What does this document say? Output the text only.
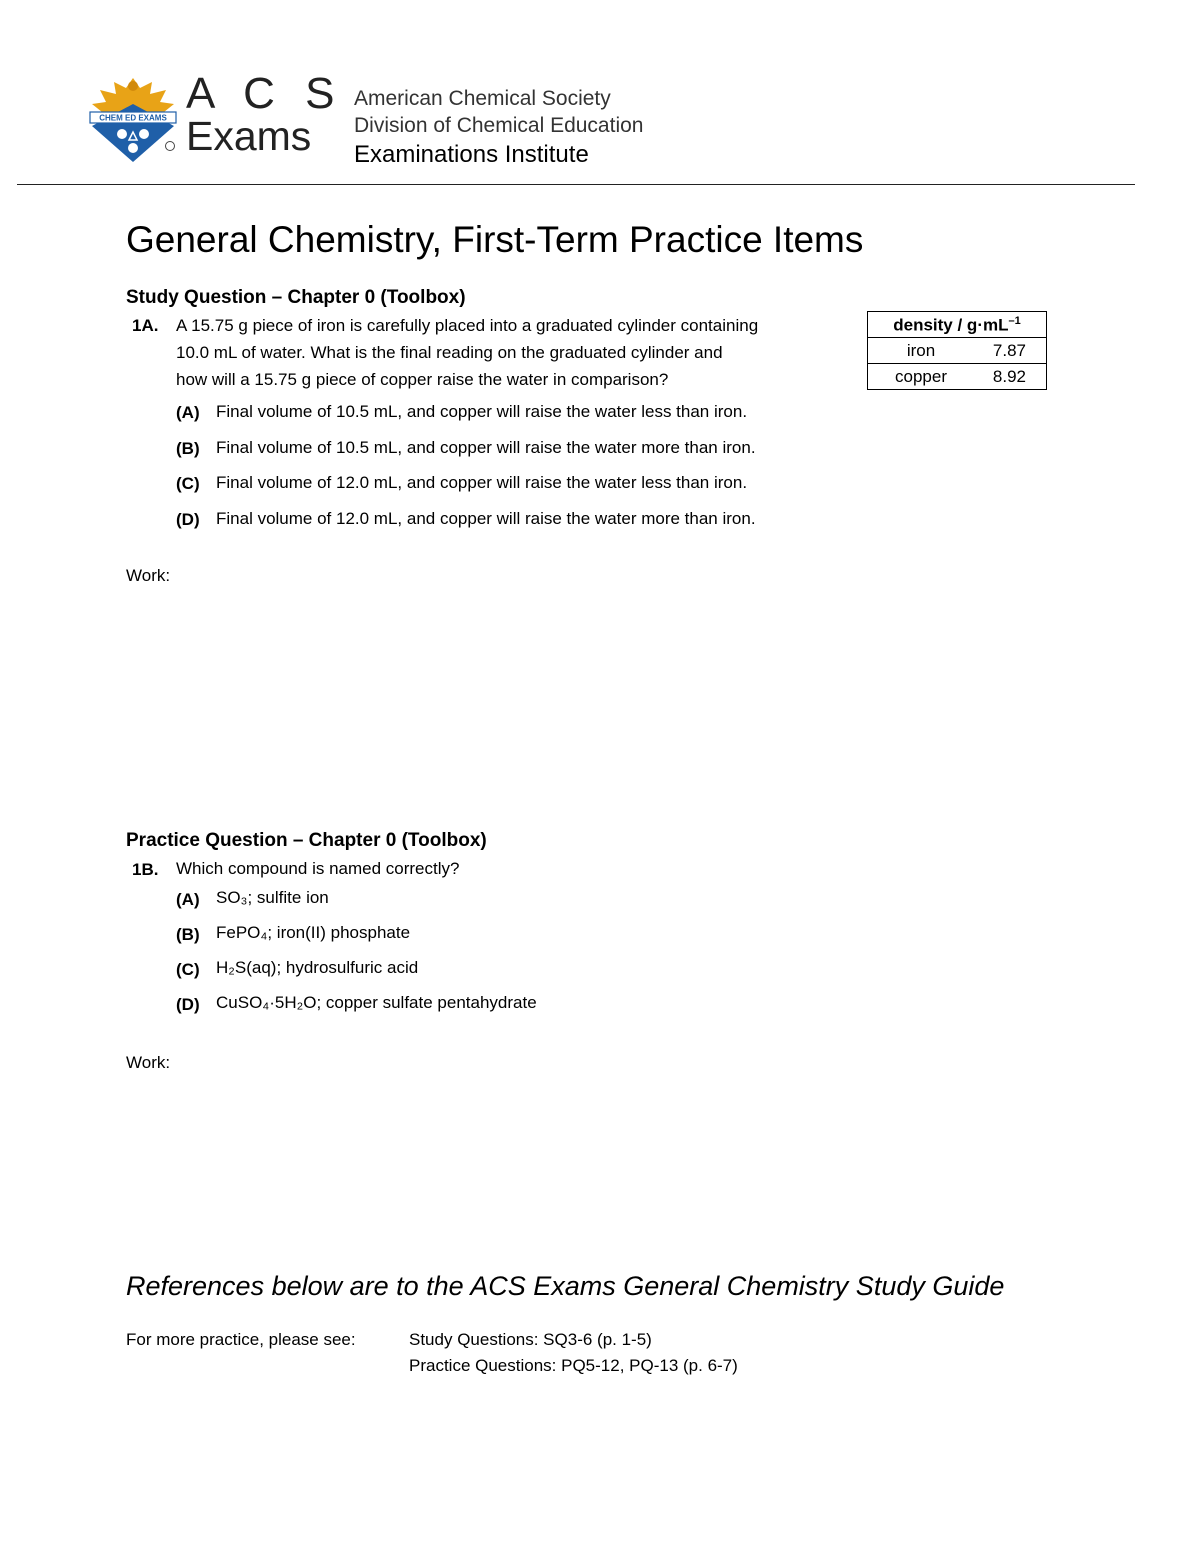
CHEM ED EXAMS A C S
Exams
American Chemical Society
Division of Chemical Education
Examinations Institute
General Chemistry, First-Term Practice Items
Study Question – Chapter 0 (Toolbox)
1A. A 15.75 g piece of iron is carefully placed into a graduated cylinder containing
10.0 mL of water. What is the final reading on the graduated cylinder and
how will a 15.75 g piece of copper raise the water in comparison?
(A) Final volume of 10.5 mL, and copper will raise the water less than iron.
(B) Final volume of 10.5 mL, and copper will raise the water more than iron.
(C) Final volume of 12.0 mL, and copper will raise the water less than iron.
(D) Final volume of 12.0 mL, and copper will raise the water more than iron.
Work:
density / $g\cdot mL^{-1}$
iron	7.87
copper	8.92
Practice Question – Chapter 0 (Toolbox)
1B. Which compound is named correctly?
(A) SO₃; sulfite ion
(B) FePO₄; iron(II) phosphate
(C) H₂S(aq); hydrosulfuric acid
(D) CuSO₄·5H₂O; copper sulfate pentahydrate
Work:
References below are to the ACS Exams General Chemistry Study Guide
For more practice, please see:	Study Questions: SQ3-6 (p. 1-5)
Practice Questions: PQ5-12, PQ-13 (p. 6-7)
